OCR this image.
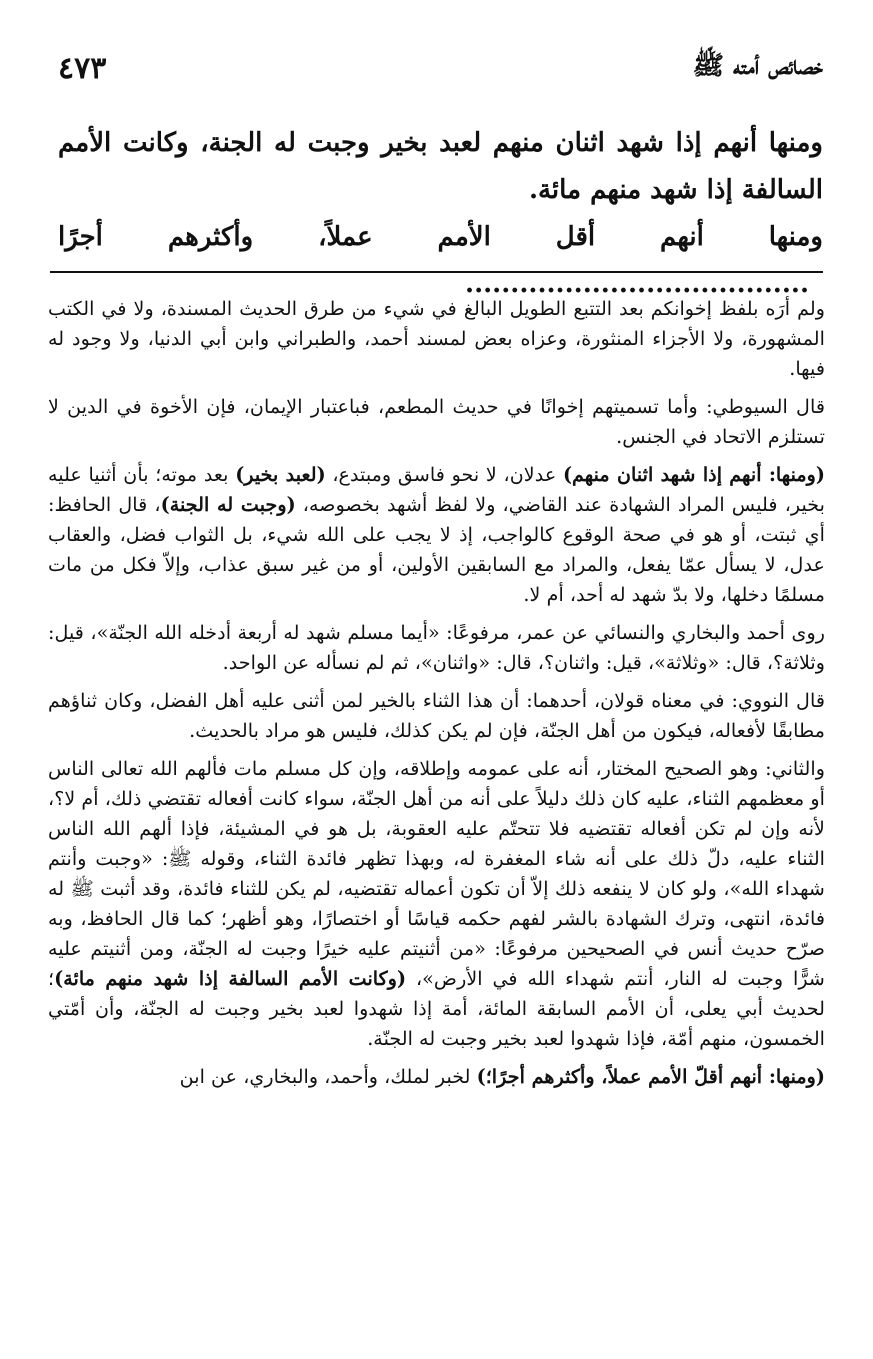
خصائص أمته ﷺ
٤٧٣

ومنها أنهم إذا شهد اثنان منهم لعبد بخير وجبت له الجنة، وكانت الأمم السالفة إذا شهد منهم مائة.

ومنها أنهم أقل الأمم عملاً، وأكثرهم أجرًا ......................................

ولم أرَه بلفظ إخوانكم بعد التتبع الطويل البالغ في شيء من طرق الحديث المسندة، ولا في الكتب المشهورة، ولا الأجزاء المنثورة، وعزاه بعض لمسند أحمد، والطبراني وابن أبي الدنيا، ولا وجود له فيها.

قال السيوطي: وأما تسميتهم إخوانًا في حديث المطعم، فباعتبار الإيمان، فإن الأخوة في الدين لا تستلزم الاتحاد في الجنس.

(ومنها: أنهم إذا شهد اثنان منهم) عدلان، لا نحو فاسق ومبتدع، (لعبد بخير) بعد موته؛ بأن أثنيا عليه بخير، فليس المراد الشهادة عند القاضي، ولا لفظ أشهد بخصوصه، (وجبت له الجنة)، قال الحافظ: أي ثبتت، أو هو في صحة الوقوع كالواجب، إذ لا يجب على الله شيء، بل الثواب فضل، والعقاب عدل، لا يسأل عمّا يفعل، والمراد مع السابقين الأولين، أو من غير سبق عذاب، وإلاّ فكل من مات مسلمًا دخلها، ولا بدّ شهد له أحد، أم لا.

روى أحمد والبخاري والنسائي عن عمر، مرفوعًا: «أيما مسلم شهد له أربعة أدخله الله الجنّة»، قيل: وثلاثة؟، قال: «وثلاثة»، قيل: واثنان؟، قال: «واثنان»، ثم لم نسأله عن الواحد.

قال النووي: في معناه قولان، أحدهما: أن هذا الثناء بالخير لمن أثنى عليه أهل الفضل، وكان ثناؤهم مطابقًا لأفعاله، فيكون من أهل الجنّة، فإن لم يكن كذلك، فليس هو مراد بالحديث.

والثاني: وهو الصحيح المختار، أنه على عمومه وإطلاقه، وإن كل مسلم مات فألهم الله تعالى الناس أو معظمهم الثناء، عليه كان ذلك دليلاً على أنه من أهل الجنّة، سواء كانت أفعاله تقتضي ذلك، أم لا؟، لأنه وإن لم تكن أفعاله تقتضيه فلا تتحتّم عليه العقوبة، بل هو في المشيئة، فإذا ألهم الله الناس الثناء عليه، دلّ ذلك على أنه شاء المغفرة له، وبهذا تظهر فائدة الثناء، وقوله ﷺ: «وجبت وأنتم شهداء الله»، ولو كان لا ينفعه ذلك إلاّ أن تكون أعماله تقتضيه، لم يكن للثناء فائدة، وقد أثبت ﷺ له فائدة، انتهى، وترك الشهادة بالشر لفهم حكمه قياسًا أو اختصارًا، وهو أظهر؛ كما قال الحافظ، وبه صرّح حديث أنس في الصحيحين مرفوعًا: «من أثنيتم عليه خيرًا وجبت له الجنّة، ومن أثنيتم عليه شرًّا وجبت له النار، أنتم شهداء الله في الأرض»، (وكانت الأمم السالفة إذا شهد منهم مائة)؛ لحديث أبي يعلى، أن الأمم السابقة المائة، أمة إذا شهدوا لعبد بخير وجبت له الجنّة، وأن أمّتي الخمسون، منهم أمّة، فإذا شهدوا لعبد بخير وجبت له الجنّة.

(ومنها: أنهم أقلّ الأمم عملاً، وأكثرهم أجرًا؛) لخبر لملك، وأحمد، والبخاري، عن ابن
